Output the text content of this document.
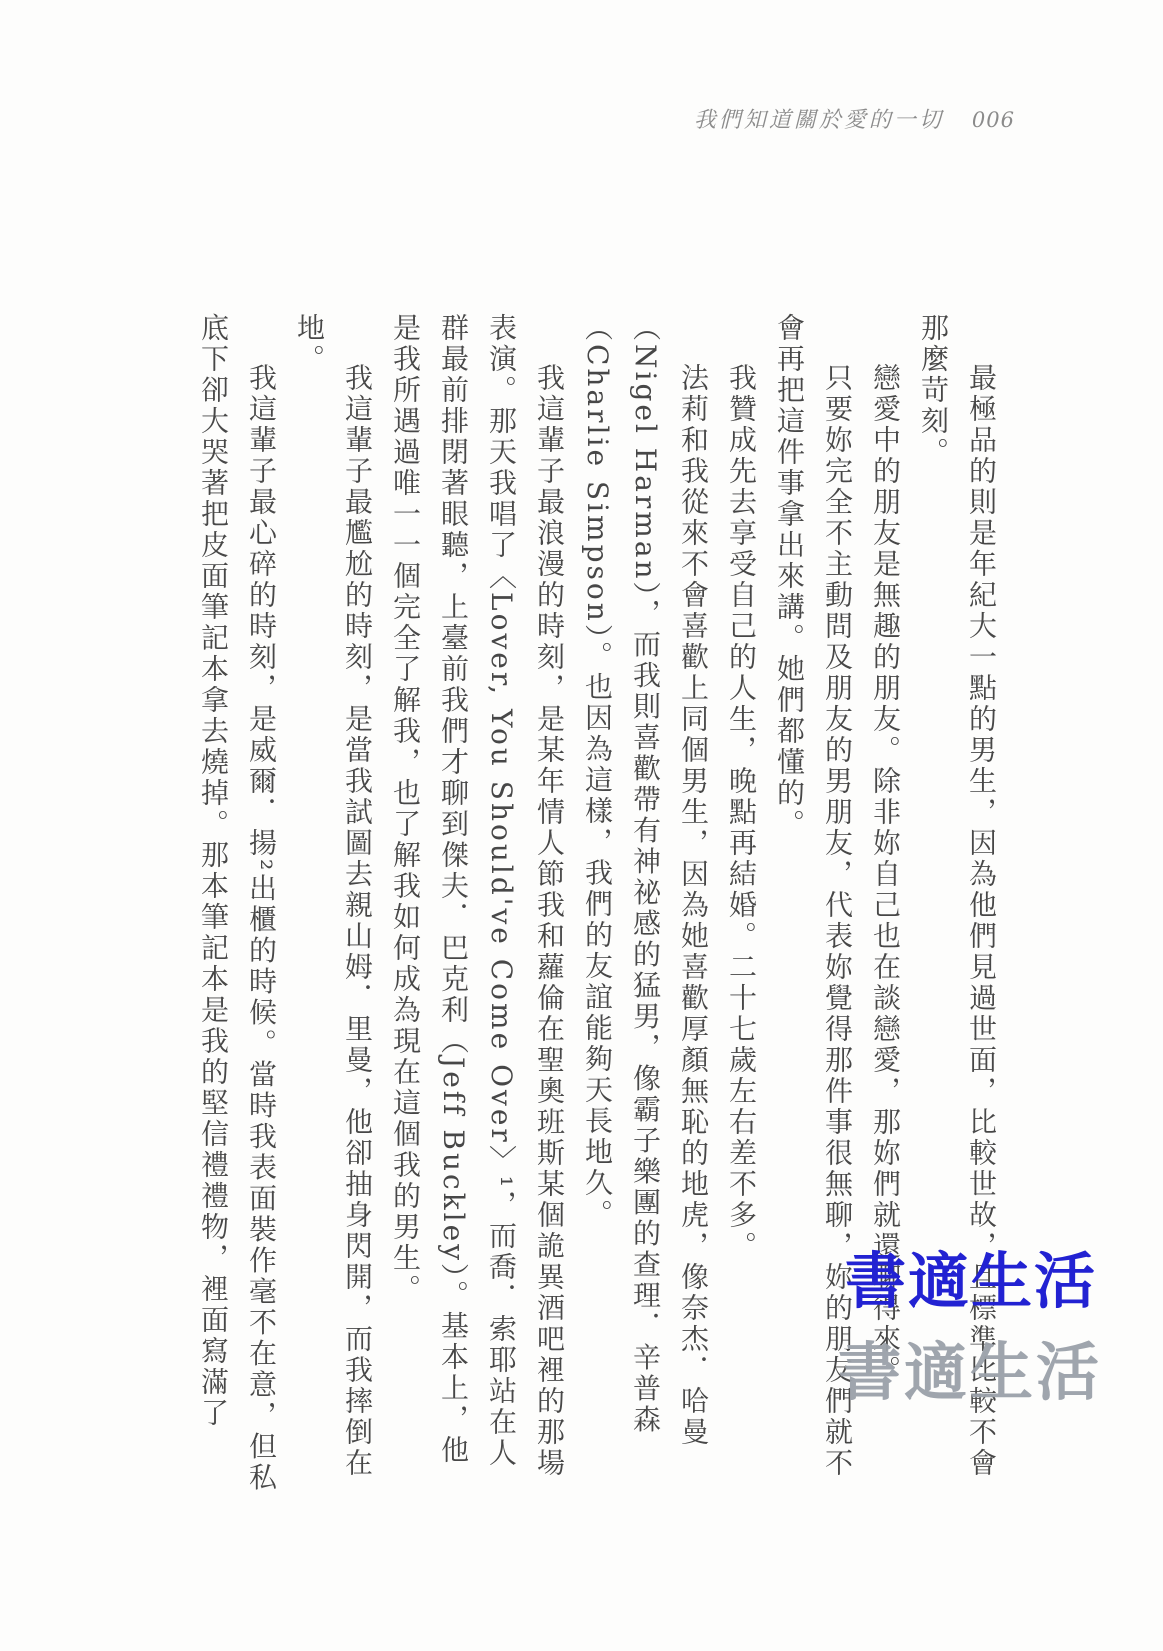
我們知道關於愛的一切 006

最極品的則是年紀大一點的男生，因為他們見過世面，比較世故，且標準比較不會那麼苛刻。

戀愛中的朋友是無趣的朋友。除非妳自己也在談戀愛，那妳們就還聊得來。

只要妳完全不主動問及朋友的男朋友，代表妳覺得那件事很無聊，妳的朋友們就不會再把這件事拿出來講。她們都懂的。

我贊成先去享受自己的人生，晚點再結婚。二十七歲左右差不多。

法莉和我從來不會喜歡上同個男生，因為她喜歡厚顏無恥的地虎，像奈杰．哈曼（Nigel Harman），而我則喜歡帶有神祕感的猛男，像霸子樂團的查理．辛普森（Charlie Simpson）。也因為這樣，我們的友誼能夠天長地久。

我這輩子最浪漫的時刻，是某年情人節我和蘿倫在聖奧班斯某個詭異酒吧裡的那場表演。那天我唱了〈Lover, You Should've Come Over〉¹，而喬．索耶站在人群最前排閉著眼聽，上臺前我們才聊到傑夫．巴克利（Jeff Buckley）。基本上，他是我所遇過唯一一個完全了解我，也了解我如何成為現在這個我的男生。

我這輩子最尷尬的時刻，是當我試圖去親山姆．里曼，他卻抽身閃開，而我摔倒在地。

我這輩子最心碎的時刻，是威爾．揚²出櫃的時候。當時我表面裝作毫不在意，但私底下卻大哭著把皮面筆記本拿去燒掉。那本筆記本是我的堅信禮禮物，裡面寫滿了	書適生活
書適生活
